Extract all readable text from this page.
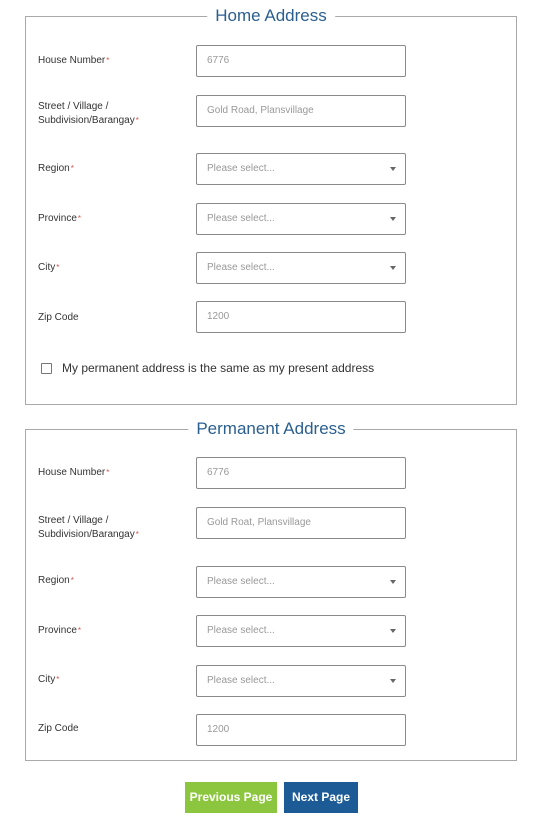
Home Address
House Number*	6776
Street / Village /
Subdivision/Barangay*
Gold Road, Plansvillage
Region*	Please select...
Province*	Please select...
City*	Please select...
Zip Code	1200
My permanent address is the same as my present address
Permanent Address
House Number*	6776
Street / Village /
Subdivision/Barangay*
Gold Roat, Plansvillage
Region*	Please select...
Province*	Please select...
City*	Please select...
Zip Code	1200
Previous Page	Next Page
